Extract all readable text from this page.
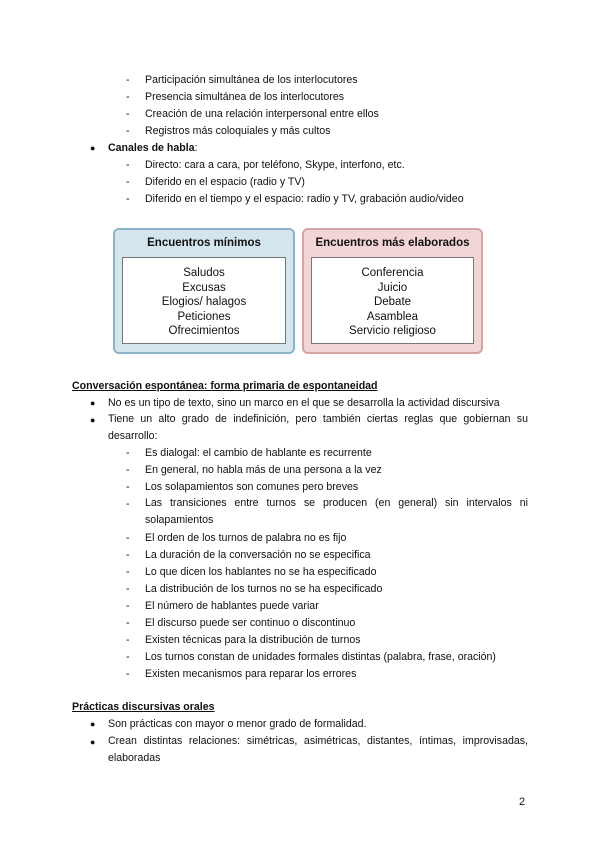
- Participación simultánea de los interlocutores
- Presencia simultánea de los interlocutores
- Creación de una relación interpersonal entre ellos
- Registros más coloquiales y más cultos
● Canales de habla:
- Directo: cara a cara, por teléfono, Skype, interfono, etc.
- Diferido en el espacio (radio y TV)
- Diferido en el tiempo y el espacio: radio y TV, grabación audio/video
Encuentros mínimos
Saludos
Excusas
Elogios/ halagos
Peticiones
Ofrecimientos
Encuentros más elaborados
Conferencia
Juicio
Debate
Asamblea
Servicio religioso
Conversación espontánea: forma primaria de espontaneidad
● No es un tipo de texto, sino un marco en el que se desarrolla la actividad discursiva
● Tiene un alto grado de indefinición, pero también ciertas reglas que gobiernan su desarrollo:
- Es dialogal: el cambio de hablante es recurrente
- En general, no habla más de una persona a la vez
- Los solapamientos son comunes pero breves
- Las transiciones entre turnos se producen (en general) sin intervalos ni solapamientos
- El orden de los turnos de palabra no es fijo
- La duración de la conversación no se especifica
- Lo que dicen los hablantes no se ha especificado
- La distribución de los turnos no se ha especificado
- El número de hablantes puede variar
- El discurso puede ser continuo o discontinuo
- Existen técnicas para la distribución de turnos
- Los turnos constan de unidades formales distintas (palabra, frase, oración)
- Existen mecanismos para reparar los errores
Prácticas discursivas orales
● Son prácticas con mayor o menor grado de formalidad.
● Crean distintas relaciones: simétricas, asimétricas, distantes, íntimas, improvisadas, elaboradas
2
